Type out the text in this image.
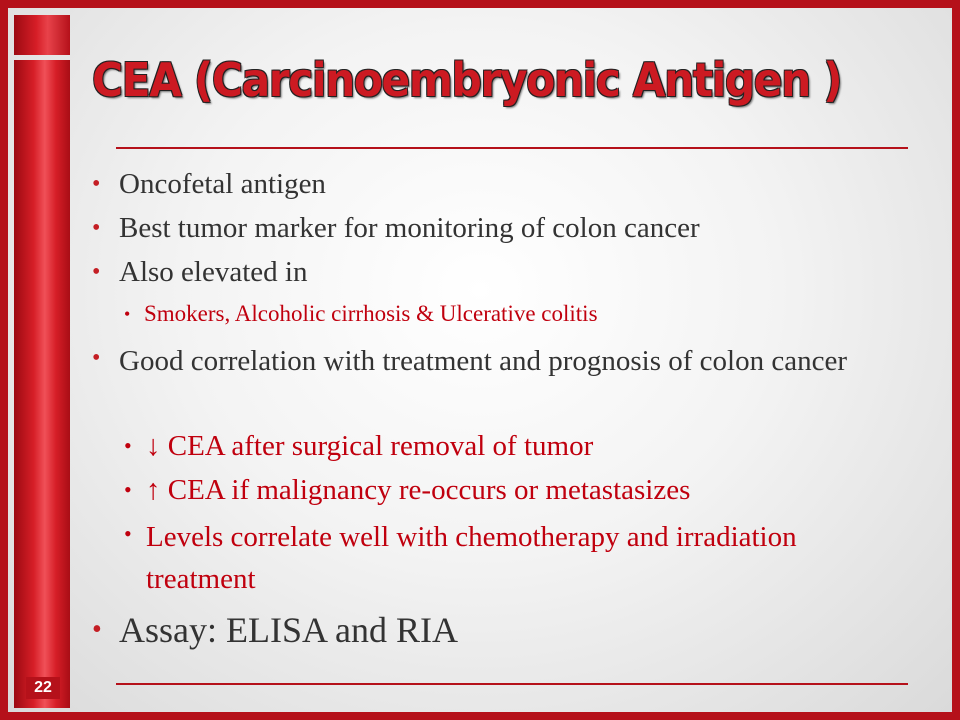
CEA (Carcinoembryonic Antigen )
• Oncofetal antigen
• Best tumor marker for monitoring of colon cancer
• Also elevated in
• Smokers, Alcoholic cirrhosis & Ulcerative colitis
• Good correlation with treatment and prognosis of colon cancer
• ↓ CEA after surgical removal of tumor
• ↑ CEA if malignancy re-occurs or metastasizes
• Levels correlate well with chemotherapy and irradiation treatment
• Assay: ELISA and RIA
22
